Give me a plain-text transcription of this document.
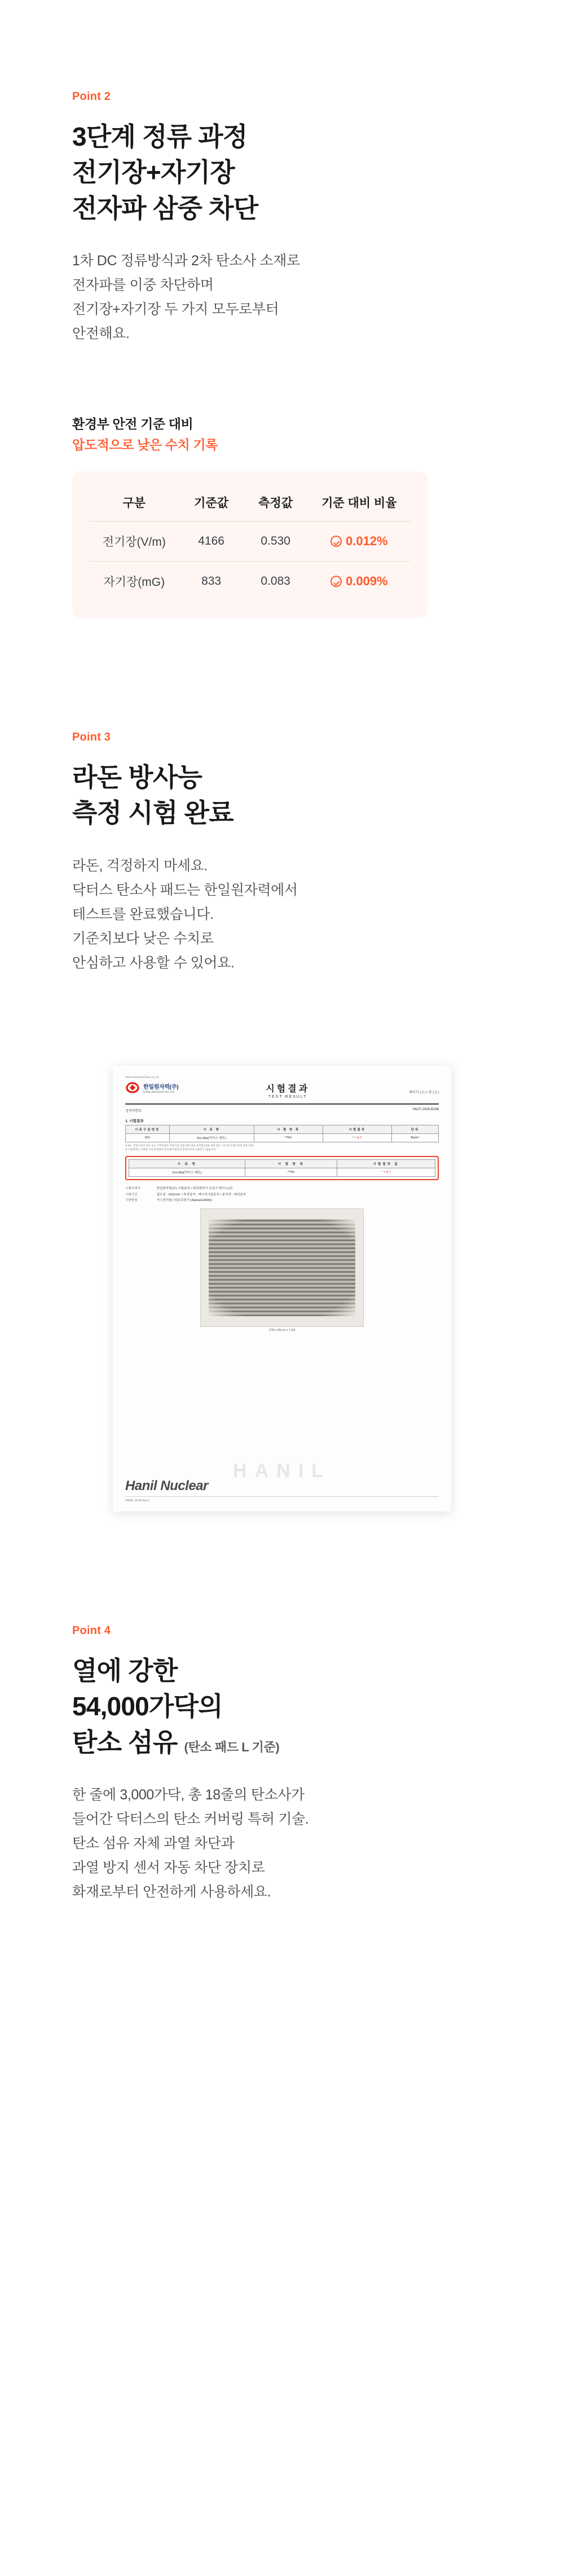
Point 2
3단계 정류 과정
전기장+자기장
전자파 삼중 차단
1차 DC 정류방식과 2차 탄소사 소재로
전자파를 이중 차단하며
전기장+자기장 두 가지 모두로부터
안전해요.
환경부 안전 기준 대비
압도적으로 낮은 수치 기록
구분	기준값	측정값	기준 대비 비율
전기장(V/m)	4166	0.530	0.012%
자기장(mG)	833	0.083	0.009%
Point 3
라돈 방사능
측정 시험 완료
라돈, 걱정하지 마세요.
닥터스 탄소사 패드는 한일원자력에서
테스트를 완료했습니다.
기준치보다 낮은 수치로
안심하고 사용할 수 있어요.
www.hanilnuclear.co.kr
한일원자력(주)
HANIL NUCLEAR CO.,LTD	시험결과
TEST RESULT
페이지 ( 2 ) / 총 ( 2 )
성적서번호	HNJT-2004-B188
1. 시험결과
시료구분번호	시 료 명	시 험 항 목	시험결과	단위
001	Drs.Mat(닥터스 매트)	²²²Rn	⁰ < 6.7	Bq/m³
※ Rn : 측정시료의 라돈 농도, ᴸᴰ측정값은 측정기의 검출 하한 값을 의미함 (검출 하한 값은 시료 및 측정조건에 따라 다름)
※ 시험결과는 의뢰한 시료에 한하여 유효하며 법적인 증빙자료로 사용할 수 없습니다.
시 료 명	시 험 항 목	시험결과 값
Drs.Mat(닥터스 매트)	²²²Rn	⁰ < 6.7
시험의뢰자	한일원자력(주) 시험본부 / 대전광역시 유성구 테크노2로
시험기간	접수일 : 2020.04. / 측정일자 : 에너지사업본부 / 분석자 : 대전본부
시험방법	가스전리함 / 라돈측정기 (AlphaGUARD)
(730 x 40) cm x 1 EA
HANIL
Hanil Nuclear
HNQF-14-03 Rev.0
Point 4
열에 강한
54,000가닥의
탄소 섬유 (탄소 패드 L 기준)
한 줄에 3,000가닥, 총 18줄의 탄소사가
들어간 닥터스의 탄소 커버링 특허 기술.
탄소 섬유 자체 과열 차단과
과열 방지 센서 자동 차단 장치로
화재로부터 안전하게 사용하세요.
